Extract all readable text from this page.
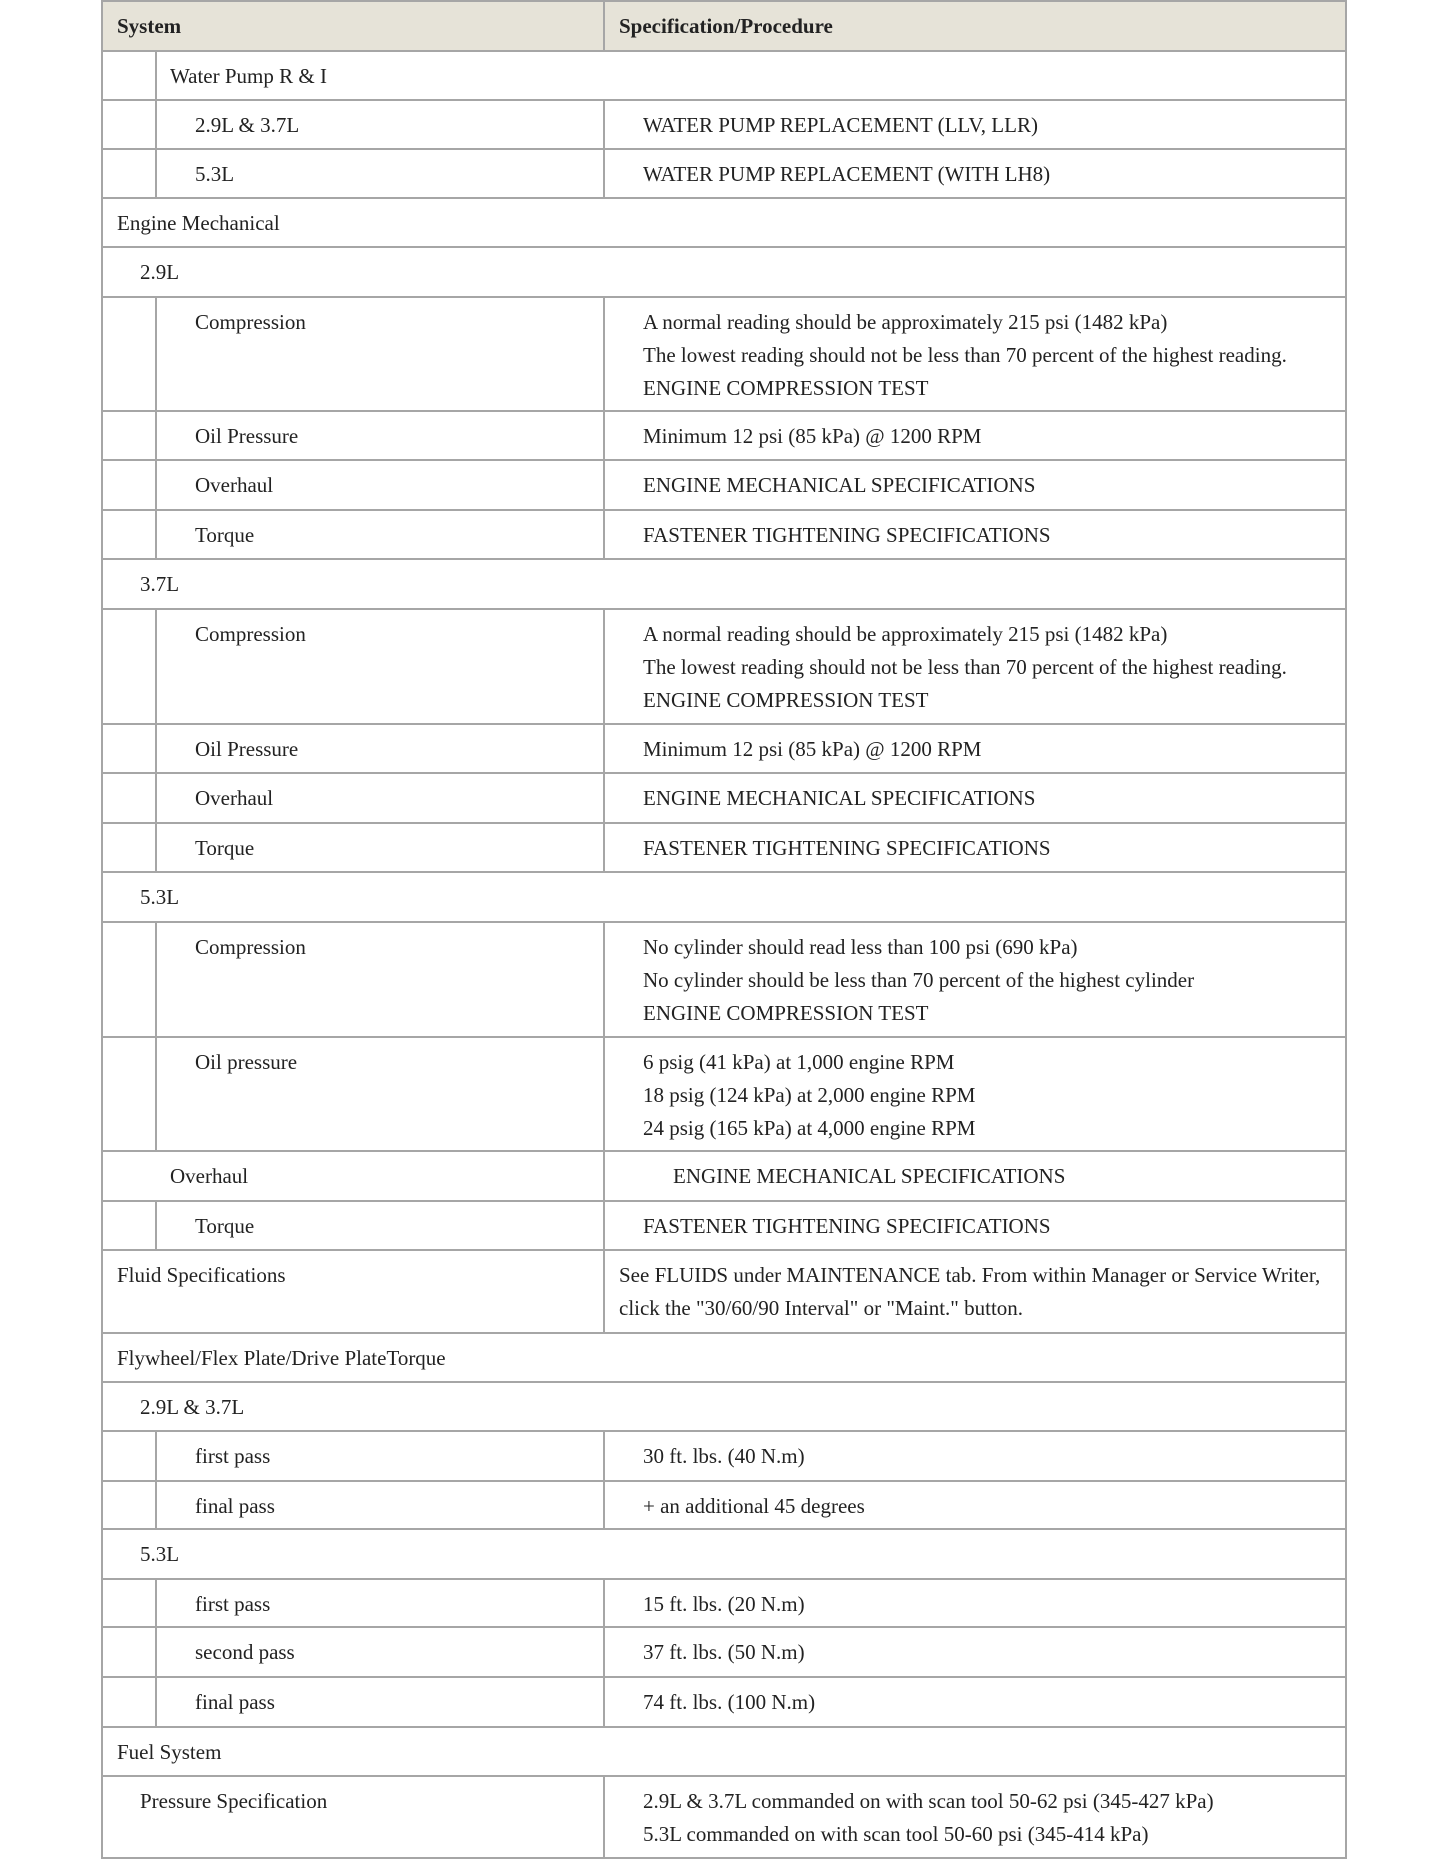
System	Specification/Procedure
Water Pump R & I
2.9L & 3.7L	WATER PUMP REPLACEMENT (LLV, LLR)
5.3L	WATER PUMP REPLACEMENT (WITH LH8)
Engine Mechanical
2.9L
Compression	A normal reading should be approximately 215 psi (1482 kPa)
The lowest reading should not be less than 70 percent of the highest reading.
ENGINE COMPRESSION TEST
Oil Pressure	Minimum 12 psi (85 kPa) @ 1200 RPM
Overhaul	ENGINE MECHANICAL SPECIFICATIONS
Torque	FASTENER TIGHTENING SPECIFICATIONS
3.7L
Compression	A normal reading should be approximately 215 psi (1482 kPa)
The lowest reading should not be less than 70 percent of the highest reading.
ENGINE COMPRESSION TEST
Oil Pressure	Minimum 12 psi (85 kPa) @ 1200 RPM
Overhaul	ENGINE MECHANICAL SPECIFICATIONS
Torque	FASTENER TIGHTENING SPECIFICATIONS
5.3L
Compression	No cylinder should read less than 100 psi (690 kPa)
No cylinder should be less than 70 percent of the highest cylinder
ENGINE COMPRESSION TEST
Oil pressure	6 psig (41 kPa) at 1,000 engine RPM
18 psig (124 kPa) at 2,000 engine RPM
24 psig (165 kPa) at 4,000 engine RPM
Overhaul	ENGINE MECHANICAL SPECIFICATIONS
Torque	FASTENER TIGHTENING SPECIFICATIONS
Fluid Specifications	See FLUIDS under MAINTENANCE tab. From within Manager or Service Writer,
click the "30/60/90 Interval" or "Maint." button.
Flywheel/Flex Plate/Drive PlateTorque
2.9L & 3.7L
first pass	30 ft. lbs. (40 N.m)
final pass	+ an additional 45 degrees
5.3L
first pass	15 ft. lbs. (20 N.m)
second pass	37 ft. lbs. (50 N.m)
final pass	74 ft. lbs. (100 N.m)
Fuel System
Pressure Specification	2.9L & 3.7L commanded on with scan tool 50-62 psi (345-427 kPa)
5.3L commanded on with scan tool 50-60 psi (345-414 kPa)
